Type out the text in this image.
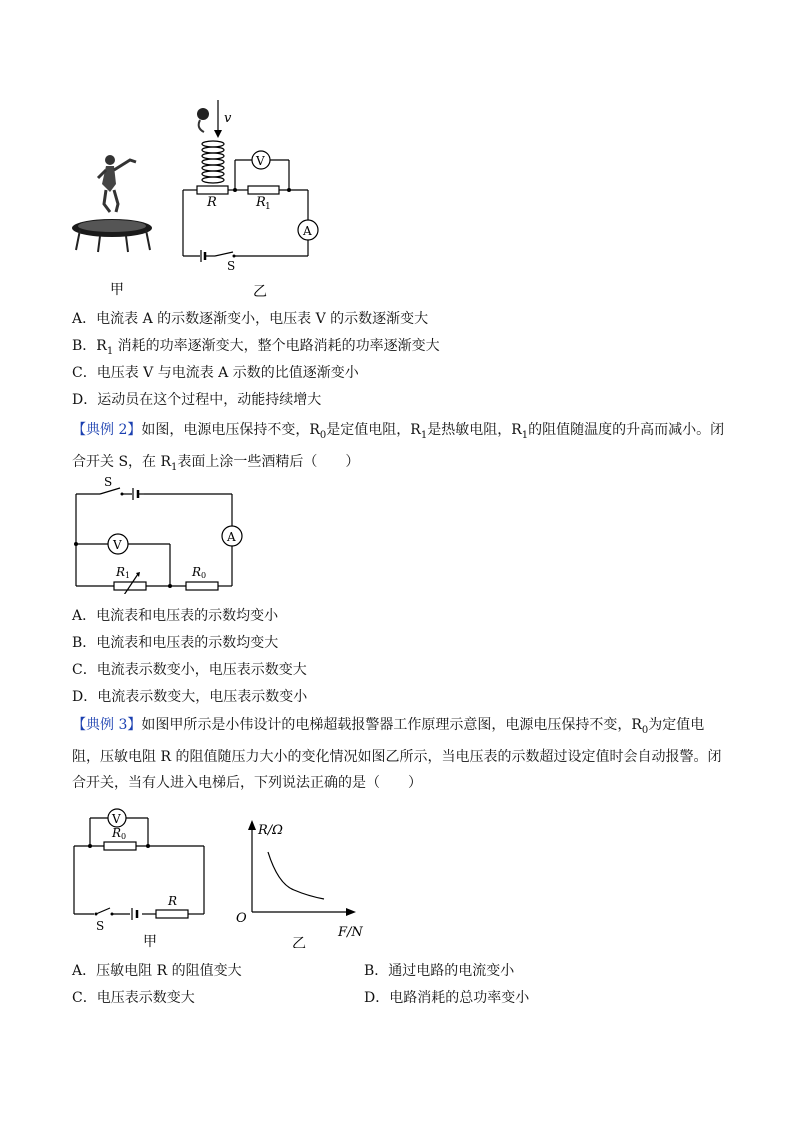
v
V
A
S
R	R 1
甲	乙
A．电流表 A 的示数逐渐变小，电压表 V 的示数逐渐变大
B．$R_1$ 消耗的功率逐渐变大，整个电路消耗的功率逐渐变大
C．电压表 V 与电流表 A 示数的比值逐渐变小
D．运动员在这个过程中，动能持续增大
【典例 2】如图，电源电压保持不变，$R_0$是定值电阻，$R_1$是热敏电阻，$R_1$的阻值随温度的升高而减小。闭合开关 S，在 $R_1$表面上涂一些酒精后（　　）
S
V
A
R 1	R 0
A．电流表和电压表的示数均变小
B．电流表和电压表的示数均变大
C．电流表示数变小，电压表示数变大
D．电流表示数变大，电压表示数变小
【典例 3】如图甲所示是小伟设计的电梯超载报警器工作原理示意图，电源电压保持不变，$R_0$为定值电阻，压敏电阻 R 的阻值随压力大小的变化情况如图乙所示，当电压表的示数超过设定值时会自动报警。闭合开关，当有人进入电梯后，下列说法正确的是（　　）
V
R 0
S
R
甲
R/Ω
F/N
O
乙
A．压敏电阻 R 的阻值变大	B．通过电路的电流变小
C．电压表示数变大	D．电路消耗的总功率变小
